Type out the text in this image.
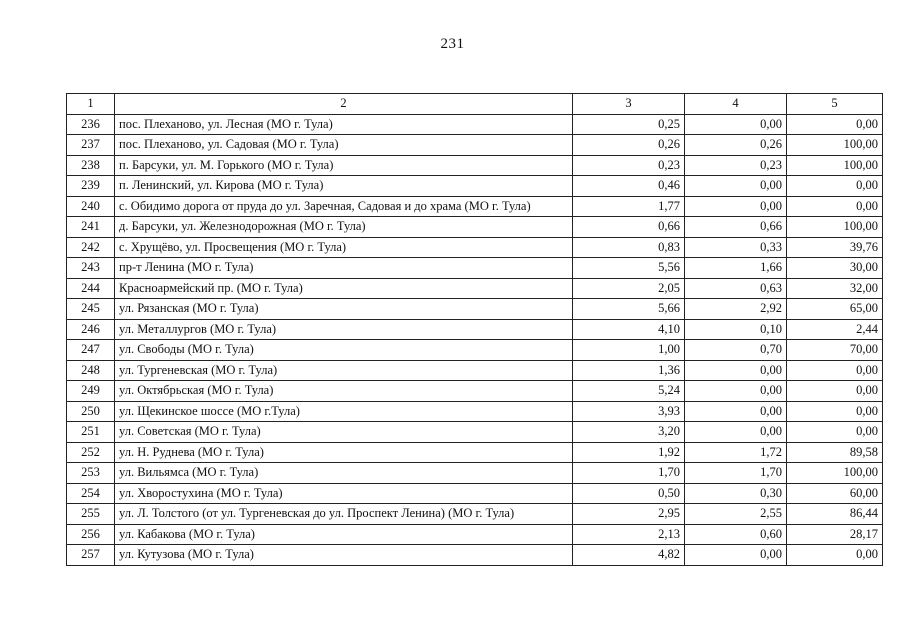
231
1	2	3	4	5
236	пос. Плеханово, ул. Лесная (МО г. Тула)	0,25	0,00	0,00
237	пос. Плеханово, ул. Садовая (МО г. Тула)	0,26	0,26	100,00
238	п. Барсуки, ул. М. Горького (МО г. Тула)	0,23	0,23	100,00
239	п. Ленинский, ул. Кирова (МО г. Тула)	0,46	0,00	0,00
240	с. Обидимо дорога от пруда до ул. Заречная, Садовая и до храма (МО г. Тула)	1,77	0,00	0,00
241	д. Барсуки, ул. Железнодорожная (МО г. Тула)	0,66	0,66	100,00
242	с. Хрущёво, ул. Просвещения (МО г. Тула)	0,83	0,33	39,76
243	пр-т Ленина (МО г. Тула)	5,56	1,66	30,00
244	Красноармейский пр. (МО г. Тула)	2,05	0,63	32,00
245	ул. Рязанская (МО г. Тула)	5,66	2,92	65,00
246	ул. Металлургов (МО г. Тула)	4,10	0,10	2,44
247	ул. Свободы (МО г. Тула)	1,00	0,70	70,00
248	ул. Тургеневская (МО г. Тула)	1,36	0,00	0,00
249	ул. Октябрьская (МО г. Тула)	5,24	0,00	0,00
250	ул. Щекинское шоссе (МО г.Тула)	3,93	0,00	0,00
251	ул. Советская (МО г. Тула)	3,20	0,00	0,00
252	ул. Н. Руднева (МО г. Тула)	1,92	1,72	89,58
253	ул. Вильямса (МО г. Тула)	1,70	1,70	100,00
254	ул. Хворостухина (МО г. Тула)	0,50	0,30	60,00
255	ул. Л. Толстого (от ул. Тургеневская до ул. Проспект Ленина) (МО г. Тула)	2,95	2,55	86,44
256	ул. Кабакова (МО г. Тула)	2,13	0,60	28,17
257	ул. Кутузова (МО г. Тула)	4,82	0,00	0,00
